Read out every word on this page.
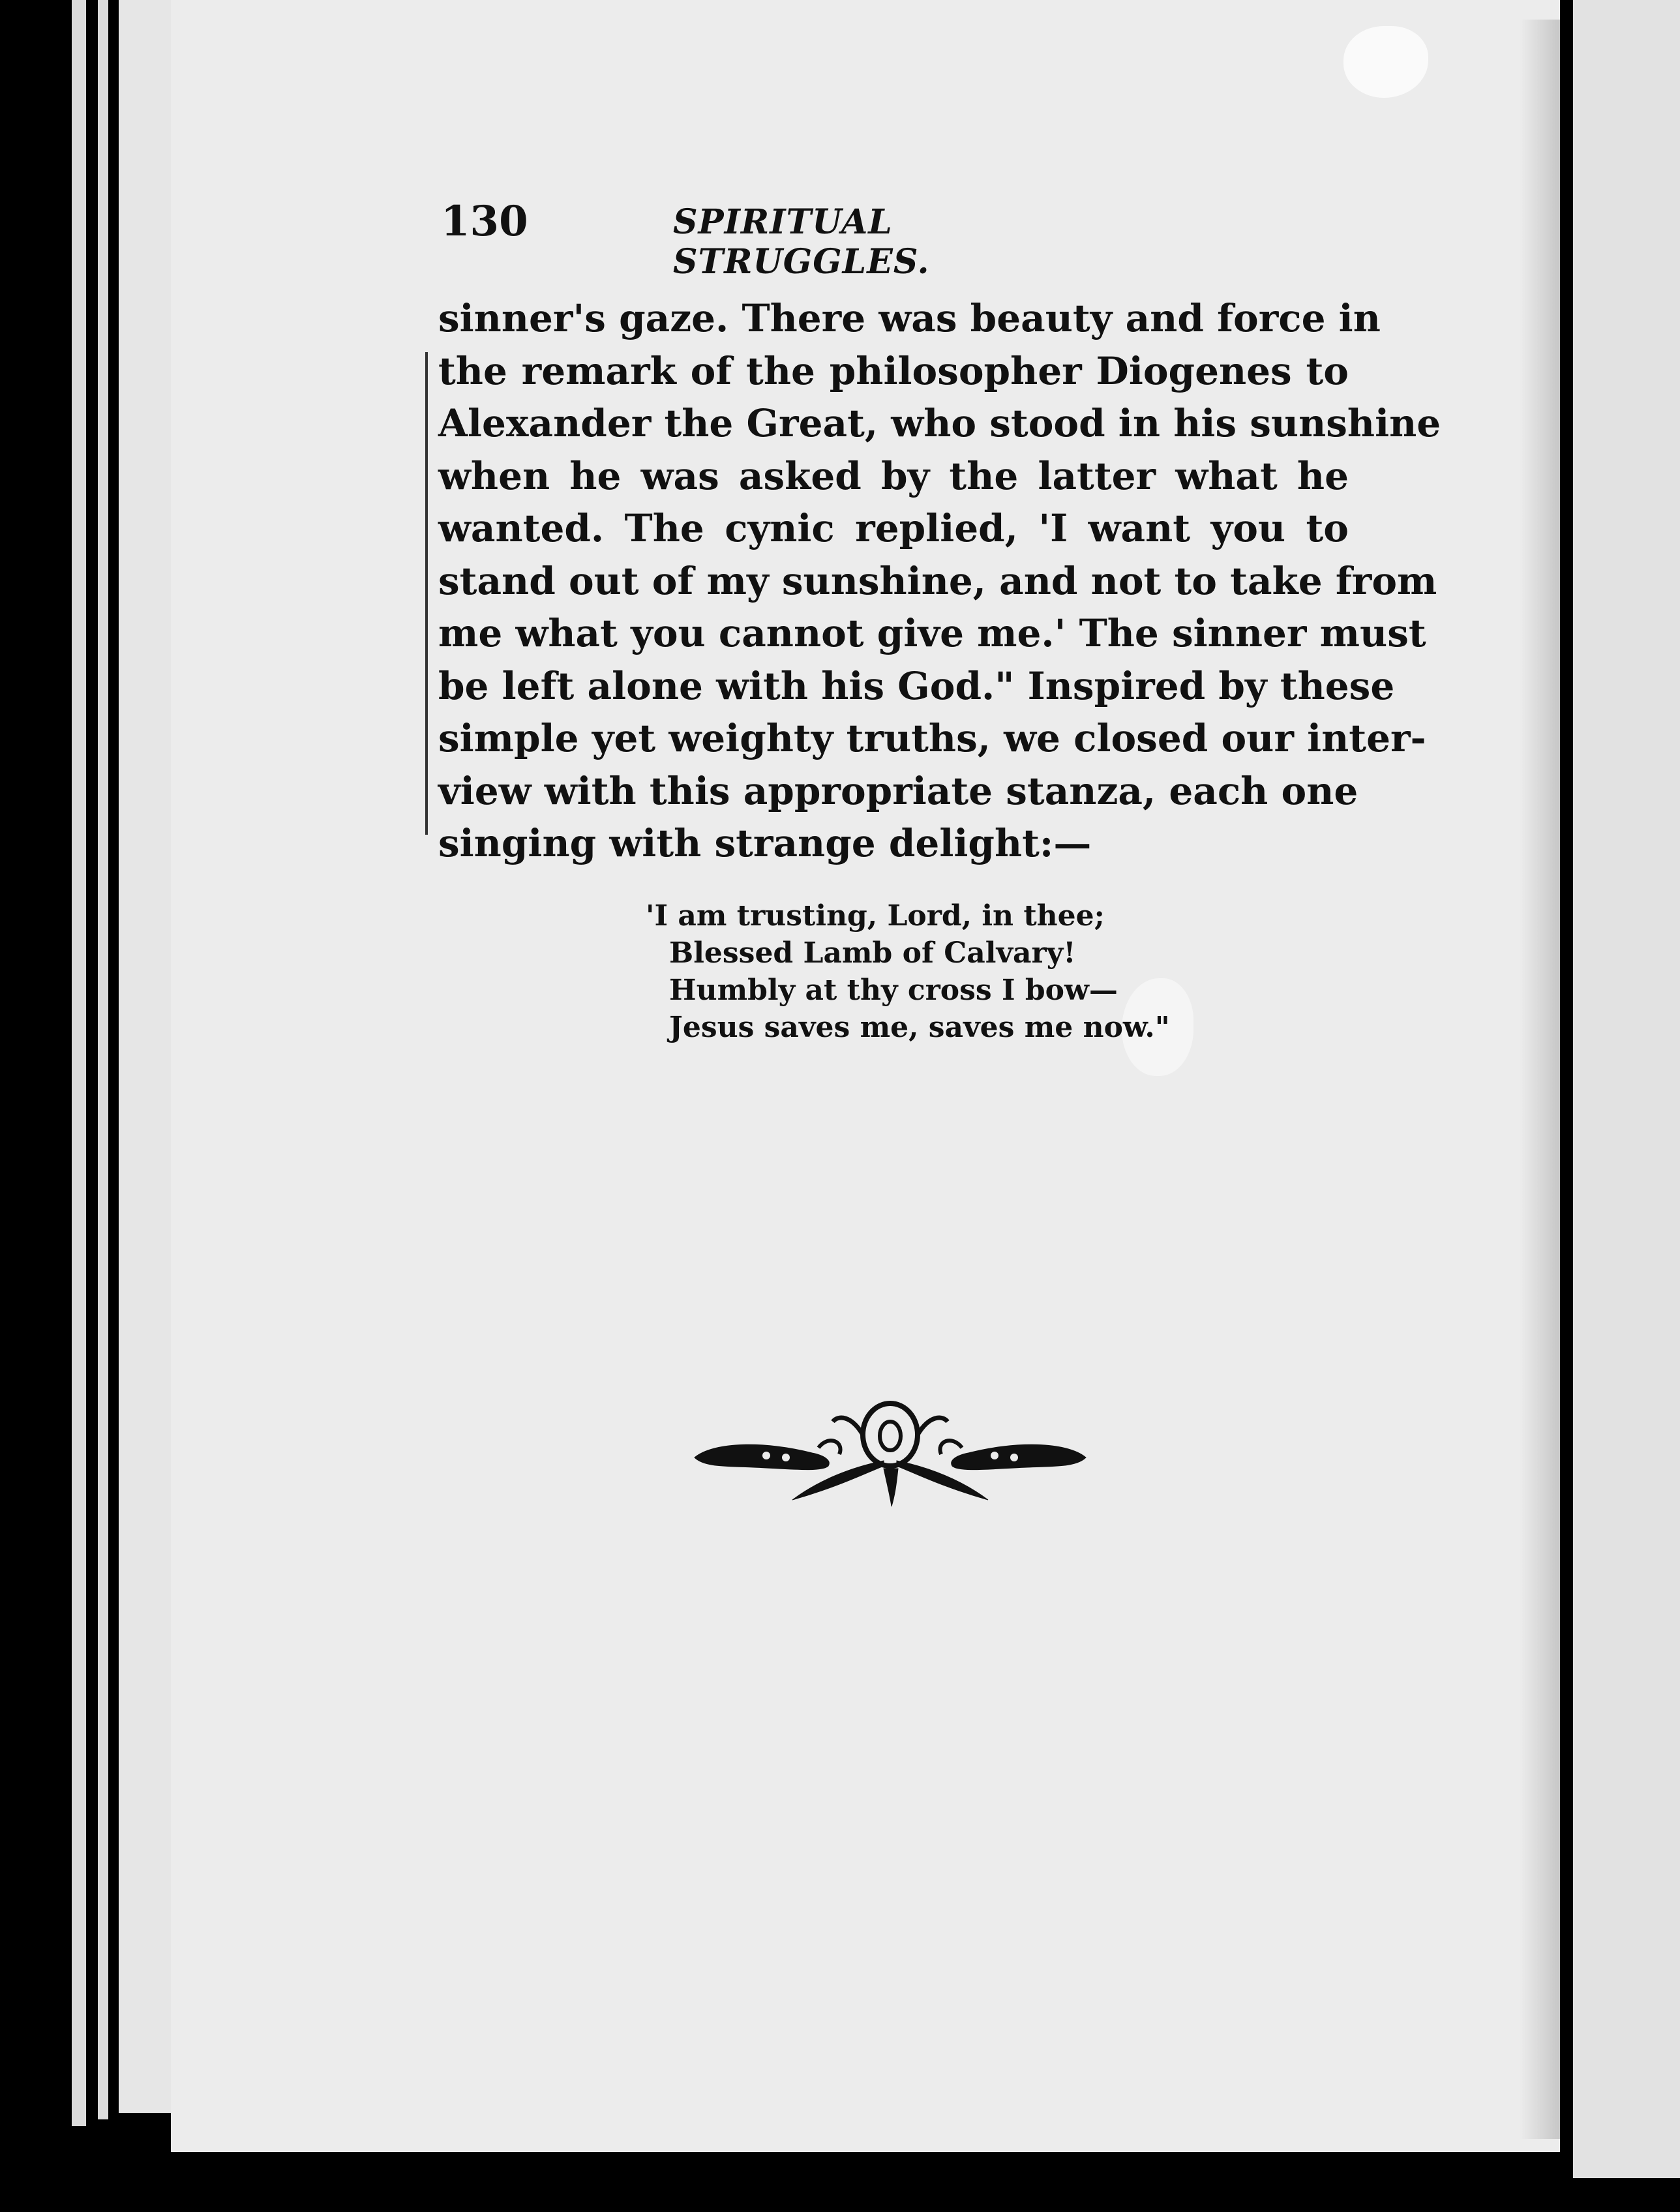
130	SPIRITUAL STRUGGLES.
sinner's gaze. There was beauty and force in
the remark of the philosopher Diogenes to
Alexander the Great, who stood in his sunshine
when he was asked by the latter what he
wanted. The cynic replied, 'I want you to
stand out of my sunshine, and not to take from
me what you cannot give me.' The sinner must
be left alone with his God." Inspired by these
simple yet weighty truths, we closed our inter-
view with this appropriate stanza, each one
singing with strange delight:—
'I am trusting, Lord, in thee;
Blessed Lamb of Calvary!
Humbly at thy cross I bow—
Jesus saves me, saves me now."
